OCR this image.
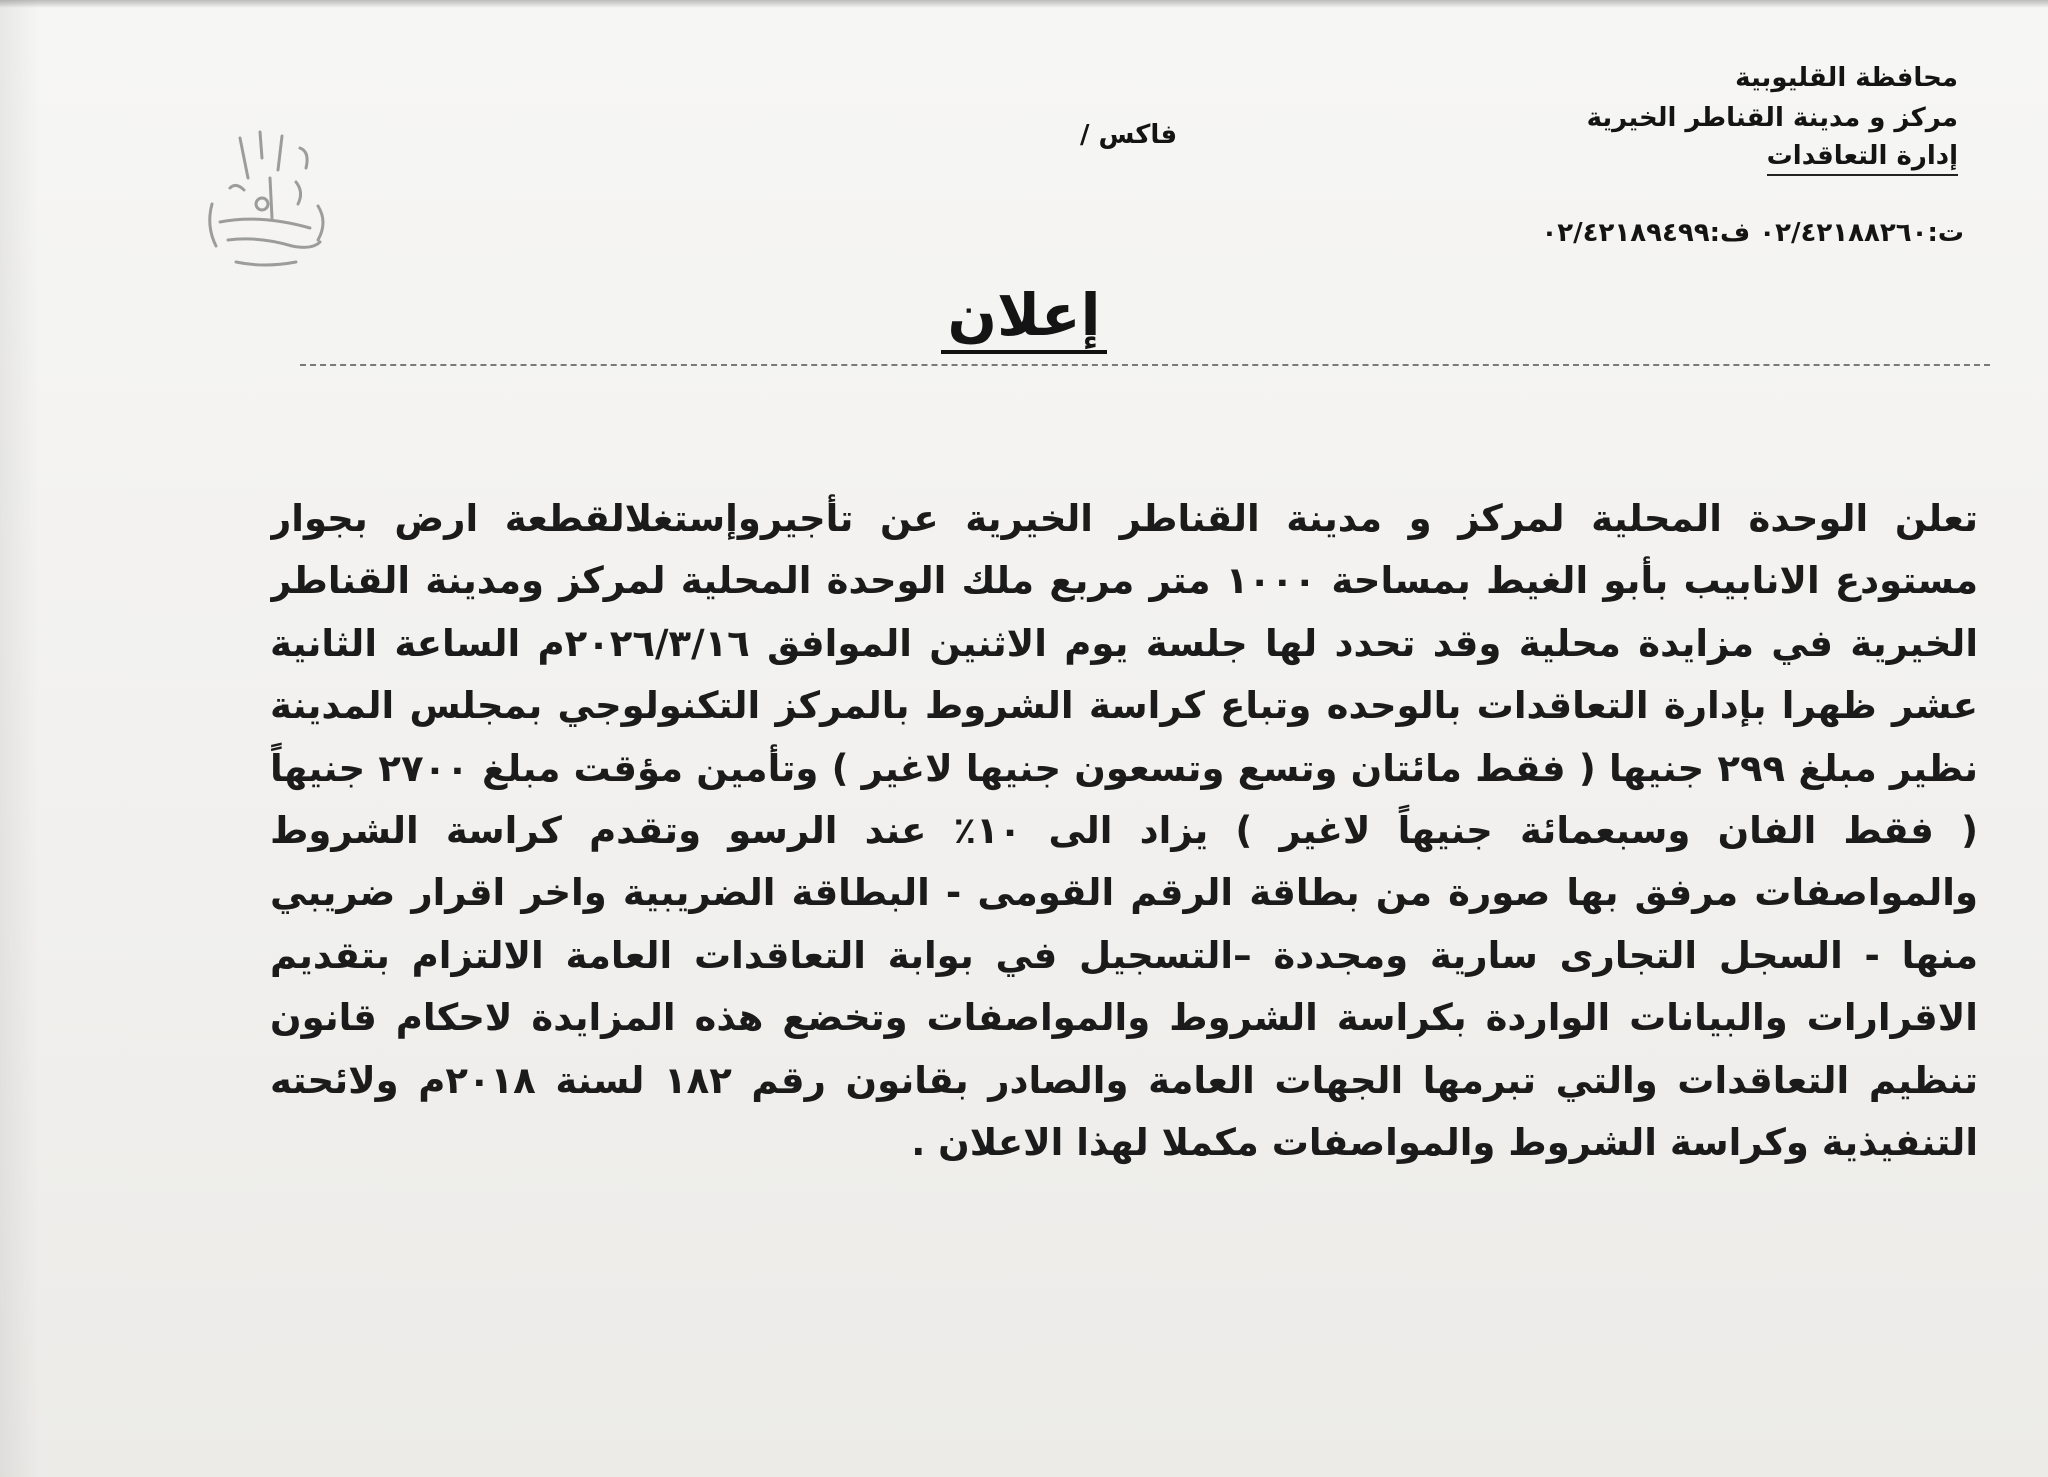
محافظة القليوبية
مركز و مدينة القناطر الخيرية
إدارة التعاقدات
فاكس /
ت:٠٢/٤٢١٨٨٢٦٠ ف:٠٢/٤٢١٨٩٤٩٩
إعلان
تعلن الوحدة المحلية لمركز و مدينة القناطر الخيرية عن تأجيروإستغلالقطعة ارض بجوار مستودع الانابيب بأبو الغيط بمساحة ١٠٠٠ متر مربع ملك الوحدة المحلية لمركز ومدينة القناطر الخيرية في مزايدة محلية وقد تحدد لها جلسة يوم الاثنين الموافق ٢٠٢٦/٣/١٦م الساعة الثانية عشر ظهرا بإدارة التعاقدات بالوحده وتباع كراسة الشروط بالمركز التكنولوجي بمجلس المدينة نظير مبلغ ٢٩٩ جنيها ( فقط مائتان وتسع وتسعون جنيها لاغير ) وتأمين مؤقت مبلغ ٢٧٠٠ جنيهاً ( فقط الفان وسبعمائة جنيهاً لاغير ) يزاد الى ١٠٪ عند الرسو وتقدم كراسة الشروط والمواصفات مرفق بها صورة من بطاقة الرقم القومى - البطاقة الضريبية واخر اقرار ضريبي منها - السجل التجارى سارية ومجددة –التسجيل في بوابة التعاقدات العامة الالتزام بتقديم الاقرارات والبيانات الواردة بكراسة الشروط والمواصفات وتخضع هذه المزايدة لاحكام قانون تنظيم التعاقدات والتي تبرمها الجهات العامة والصادر بقانون رقم ١٨٢ لسنة ٢٠١٨م ولائحته التنفيذية وكراسة الشروط والمواصفات مكملا لهذا الاعلان .
